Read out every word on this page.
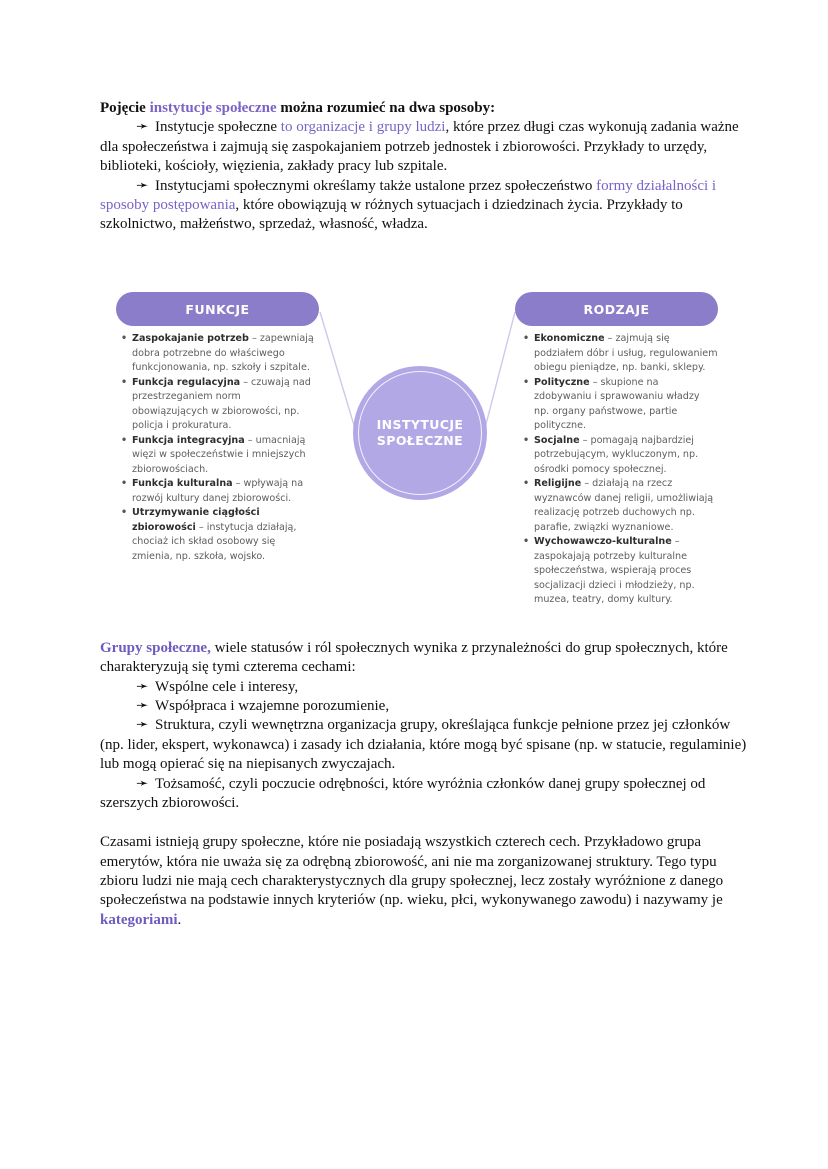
Pojęcie instytucje społeczne można rozumieć na dwa sposoby:
➛ Instytucje społeczne to organizacje i grupy ludzi, które przez długi czas wykonują zadania ważne
dla społeczeństwa i zajmują się zaspokajaniem potrzeb jednostek i zbiorowości. Przykłady to urzędy,
biblioteki, kościoły, więzienia, zakłady pracy lub szpitale.
➛ Instytucjami społecznymi określamy także ustalone przez społeczeństwo formy działalności i
sposoby postępowania, które obowiązują w różnych sytuacjach i dziedzinach życia. Przykłady to
szkolnictwo, małżeństwo, sprzedaż, własność, władza.
FUNKCJE	RODZAJE
INSTYTUCJE
SPOŁECZNE
• Zaspokajanie potrzeb – zapewniają
dobra potrzebne do właściwego
funkcjonowania, np. szkoły i szpitale.
• Funkcja regulacyjna – czuwają nad
przestrzeganiem norm
obowiązujących w zbiorowości, np.
policja i prokuratura.
• Funkcja integracyjna – umacniają
więzi w społeczeństwie i mniejszych
zbiorowościach.
• Funkcja kulturalna – wpływają na
rozwój kultury danej zbiorowości.
• Utrzymywanie ciągłości
zbiorowości – instytucja działają,
chociaż ich skład osobowy się
zmienia, np. szkoła, wojsko.
• Ekonomiczne – zajmują się
podziałem dóbr i usług, regulowaniem
obiegu pieniądze, np. banki, sklepy.
• Polityczne – skupione na
zdobywaniu i sprawowaniu władzy
np. organy państwowe, partie
polityczne.
• Socjalne – pomagają najbardziej
potrzebującym, wykluczonym, np.
ośrodki pomocy społecznej.
• Religijne – działają na rzecz
wyznawców danej religii, umożliwiają
realizację potrzeb duchowych np.
parafie, związki wyznaniowe.
• Wychowawczo-kulturalne –
zaspokajają potrzeby kulturalne
społeczeństwa, wspierają proces
socjalizacji dzieci i młodzieży, np.
muzea, teatry, domy kultury.
Grupy społeczne, wiele statusów i ról społecznych wynika z przynależności do grup społecznych, które
charakteryzują się tymi czterema cechami:
➛ Wspólne cele i interesy,
➛ Współpraca i wzajemne porozumienie,
➛ Struktura, czyli wewnętrzna organizacja grupy, określająca funkcje pełnione przez jej członków
(np. lider, ekspert, wykonawca) i zasady ich działania, które mogą być spisane (np. w statucie, regulaminie)
lub mogą opierać się na niepisanych zwyczajach.
➛ Tożsamość, czyli poczucie odrębności, które wyróżnia członków danej grupy społecznej od
szerszych zbiorowości.
Czasami istnieją grupy społeczne, które nie posiadają wszystkich czterech cech. Przykładowo grupa
emerytów, która nie uważa się za odrębną zbiorowość, ani nie ma zorganizowanej struktury. Tego typu
zbioru ludzi nie mają cech charakterystycznych dla grupy społecznej, lecz zostały wyróżnione z danego
społeczeństwa na podstawie innych kryteriów (np. wieku, płci, wykonywanego zawodu) i nazywamy je
kategoriami.
